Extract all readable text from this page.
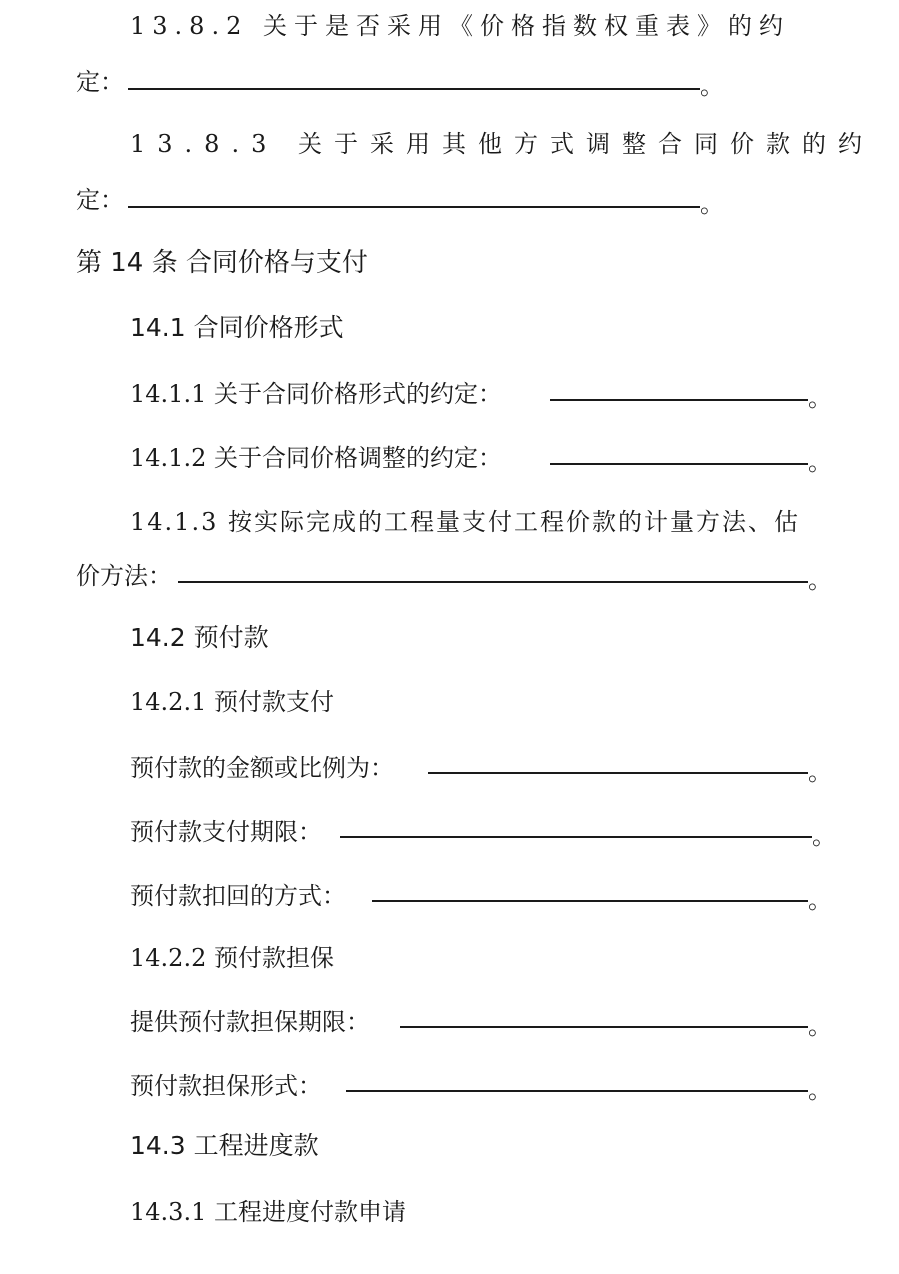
13.8.2 关于是否采用《价格指数权重表》的约
定：	。
13.8.3 关于采用其他方式调整合同价款的约
定：	。
第 14 条 合同价格与支付
14.1 合同价格形式
14.1.1 关于合同价格形式的约定：	。
14.1.2 关于合同价格调整的约定：	。
14.1.3 按实际完成的工程量支付工程价款的计量方法、估
价方法：	。
14.2 预付款
14.2.1 预付款支付
预付款的金额或比例为：	。
预付款支付期限：	。
预付款扣回的方式：	。
14.2.2 预付款担保
提供预付款担保期限：	。
预付款担保形式：	。
14.3 工程进度款
14.3.1 工程进度付款申请
